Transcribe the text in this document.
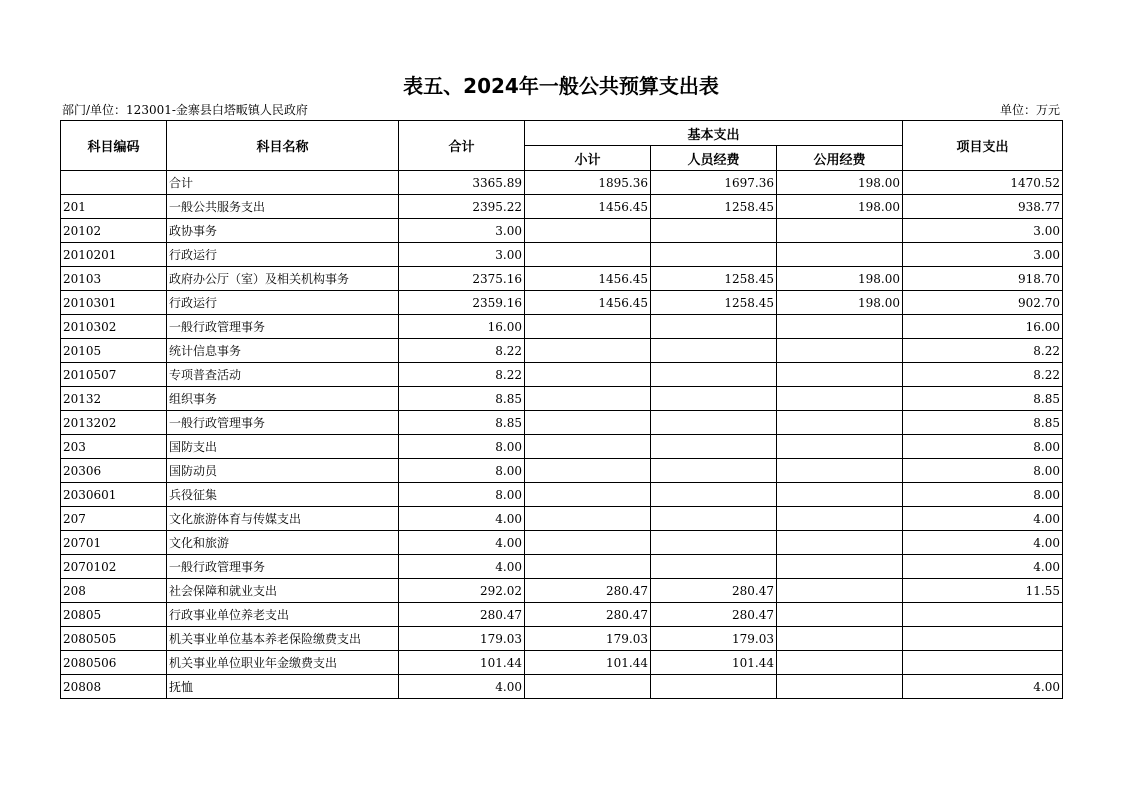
表五、2024年一般公共预算支出表
部门/单位：123001-金寨县白塔畈镇人民政府	单位：万元
科目编码	科目名称	合计	基本支出			项目支出
			小计	人员经费	公用经费	
	合计	3365.89	1895.36	1697.36	198.00	1470.52
201	一般公共服务支出	2395.22	1456.45	1258.45	198.00	938.77
20102	政协事务	3.00				3.00
2010201	行政运行	3.00				3.00
20103	政府办公厅（室）及相关机构事务	2375.16	1456.45	1258.45	198.00	918.70
2010301	行政运行	2359.16	1456.45	1258.45	198.00	902.70
2010302	一般行政管理事务	16.00				16.00
20105	统计信息事务	8.22				8.22
2010507	专项普查活动	8.22				8.22
20132	组织事务	8.85				8.85
2013202	一般行政管理事务	8.85				8.85
203	国防支出	8.00				8.00
20306	国防动员	8.00				8.00
2030601	兵役征集	8.00				8.00
207	文化旅游体育与传媒支出	4.00				4.00
20701	文化和旅游	4.00				4.00
2070102	一般行政管理事务	4.00				4.00
208	社会保障和就业支出	292.02	280.47	280.47		11.55
20805	行政事业单位养老支出	280.47	280.47	280.47		
2080505	机关事业单位基本养老保险缴费支出	179.03	179.03	179.03		
2080506	机关事业单位职业年金缴费支出	101.44	101.44	101.44		
20808	抚恤	4.00				4.00
